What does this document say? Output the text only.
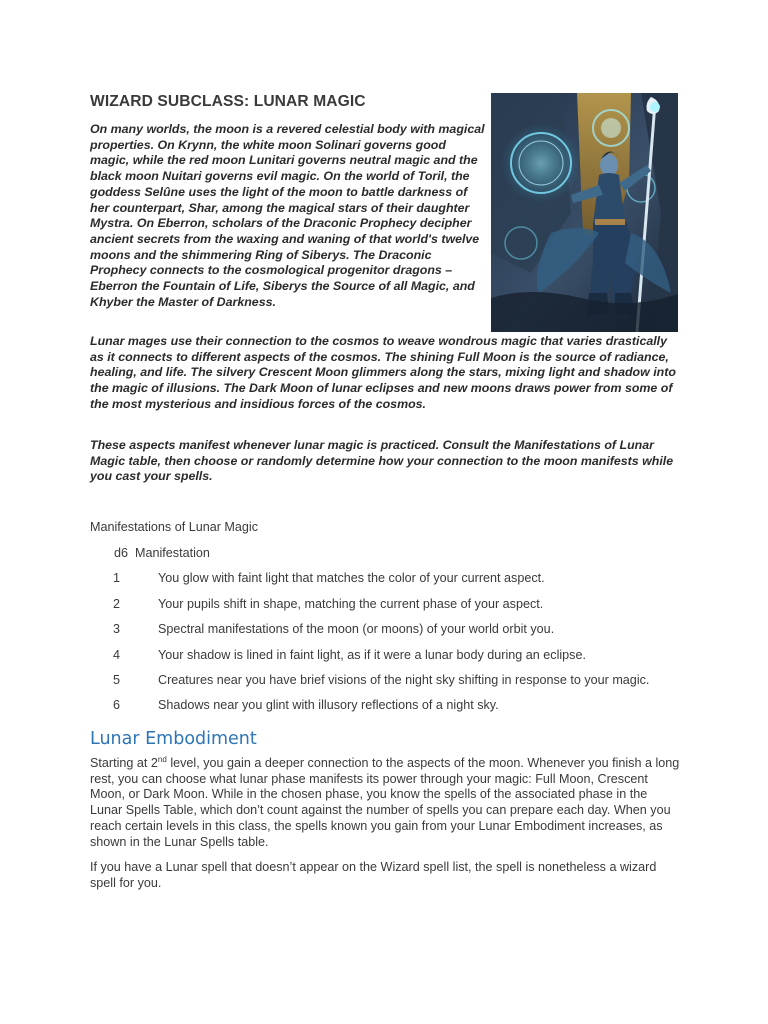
WIZARD SUBCLASS: LUNAR MAGIC

On many worlds, the moon is a revered celestial body with magical properties. On Krynn, the white moon Solinari governs good magic, while the red moon Lunitari governs neutral magic and the black moon Nuitari governs evil magic. On the world of Toril, the goddess Selûne uses the light of the moon to battle darkness of her counterpart, Shar, among the magical stars of their daughter Mystra. On Eberron, scholars of the Draconic Prophecy decipher ancient secrets from the waxing and waning of that world's twelve moons and the shimmering Ring of Siberys. The Draconic Prophecy connects to the cosmological progenitor dragons – Eberron the Fountain of Life, Siberys the Source of all Magic, and Khyber the Master of Darkness.

Lunar mages use their connection to the cosmos to weave wondrous magic that varies drastically as it connects to different aspects of the cosmos. The shining Full Moon is the source of radiance, healing, and life. The silvery Crescent Moon glimmers along the stars, mixing light and shadow into the magic of illusions. The Dark Moon of lunar eclipses and new moons draws power from some of the most mysterious and insidious forces of the cosmos.

These aspects manifest whenever lunar magic is practiced. Consult the Manifestations of Lunar Magic table, then choose or randomly determine how your connection to the moon manifests while you cast your spells.

Manifestations of Lunar Magic

d6 Manifestation
1	You glow with faint light that matches the color of your current aspect.
2	Your pupils shift in shape, matching the current phase of your aspect.
3	Spectral manifestations of the moon (or moons) of your world orbit you.
4	Your shadow is lined in faint light, as if it were a lunar body during an eclipse.
5	Creatures near you have brief visions of the night sky shifting in response to your magic.
6	Shadows near you glint with illusory reflections of a night sky.
Lunar Embodiment

Starting at 2nd level, you gain a deeper connection to the aspects of the moon. Whenever you finish a long rest, you can choose what lunar phase manifests its power through your magic: Full Moon, Crescent Moon, or Dark Moon. While in the chosen phase, you know the spells of the associated phase in the Lunar Spells Table, which don’t count against the number of spells you can prepare each day. When you reach certain levels in this class, the spells known you gain from your Lunar Embodiment increases, as shown in the Lunar Spells table.

If you have a Lunar spell that doesn’t appear on the Wizard spell list, the spell is nonetheless a wizard spell for you.
